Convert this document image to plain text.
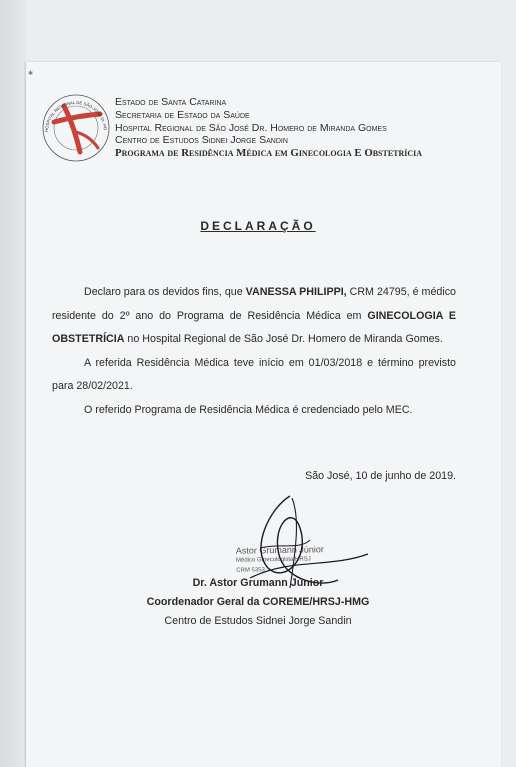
✱
HOSPITAL REGIONAL DE SÃO JOSÉ Dr. HO
Estado de Santa Catarina
Secretaria de Estado da Saúde
Hospital Regional de São José Dr. Homero de Miranda Gomes
Centro de Estudos Sidnei Jorge Sandin
Programa de Residência Médica em Ginecologia E Obstetrícia
DECLARAÇÃO

Declaro para os devidos fins, que VANESSA PHILIPPI, CRM 24795, é médico residente do 2º ano do Programa de Residência Médica em GINECOLOGIA E OBSTETRÍCIA no Hospital Regional de São José Dr. Homero de Miranda Gomes.

A referida Residência Médica teve início em 01/03/2018 e término previsto para 28/02/2021.

O referido Programa de Residência Médica é credenciado pelo MEC.

São José, 10 de junho de 2019.
Astor Grumann Júnior
Médico Ginecologista/HRSJ
CRM 5353
Dr. Astor Grumann Júnior
Coordenador Geral da COREME/HRSJ-HMG
Centro de Estudos Sidnei Jorge Sandin
